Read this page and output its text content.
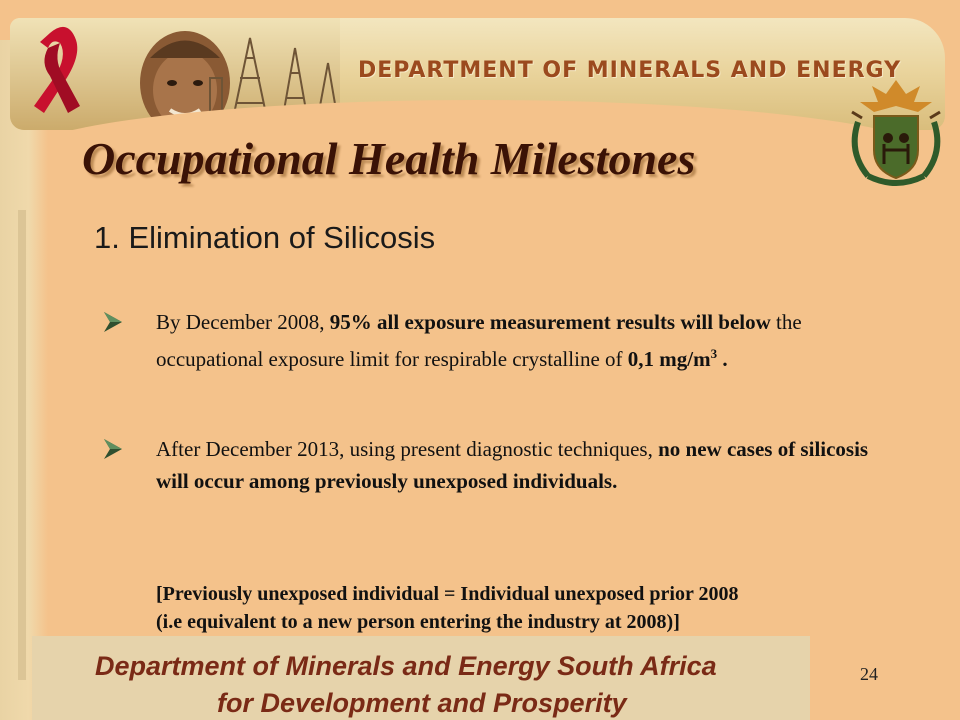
DEPARTMENT OF MINERALS AND ENERGY
Occupational Health Milestones
1. Elimination of Silicosis
By December 2008, 95% all exposure measurement results will below the occupational exposure limit for respirable crystalline of 0,1 $mg/m^3$ .
After December 2013, using present diagnostic techniques, no new cases of silicosis will occur among previously unexposed individuals.
[Previously unexposed individual = Individual unexposed prior 2008
(i.e equivalent to a new person entering the industry at 2008)]
Department of Minerals and Energy South Africa
for Development and Prosperity
24
